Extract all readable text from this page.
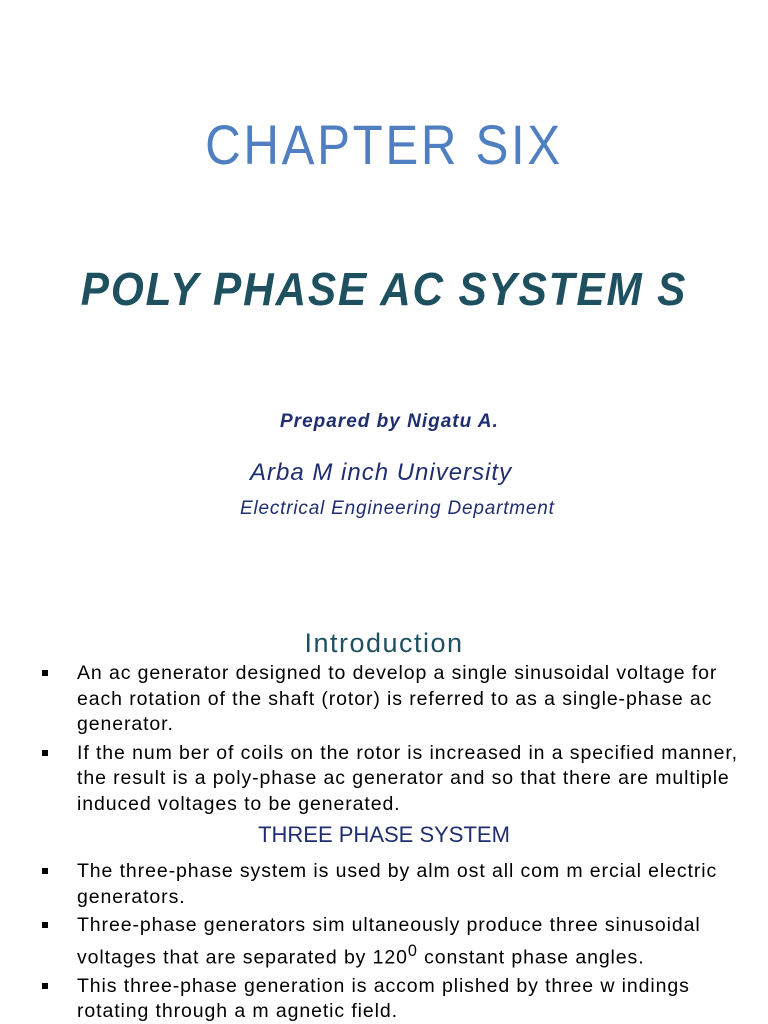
CHAPTER SIX
POLY PHASE AC SYSTEM S
Prepared by Nigatu A.
Arba M inch University
Electrical Engineering Department
Introduction
An ac generator designed to develop a single sinusoidal voltage for each rotation of the shaft (rotor) is referred to as a single-phase ac generator.
If the num ber of coils on the rotor is increased in a specified manner, the result is a poly-phase ac generator and so that there are multiple induced voltages to be generated.
THREE PHASE SYSTEM
The three-phase system is used by alm ost all com m ercial electric generators.
Three-phase generators sim ultaneously produce three sinusoidal voltages that are separated by $120^0$ constant phase angles.
This three-phase generation is accom plished by three w indings rotating through a m agnetic field.
